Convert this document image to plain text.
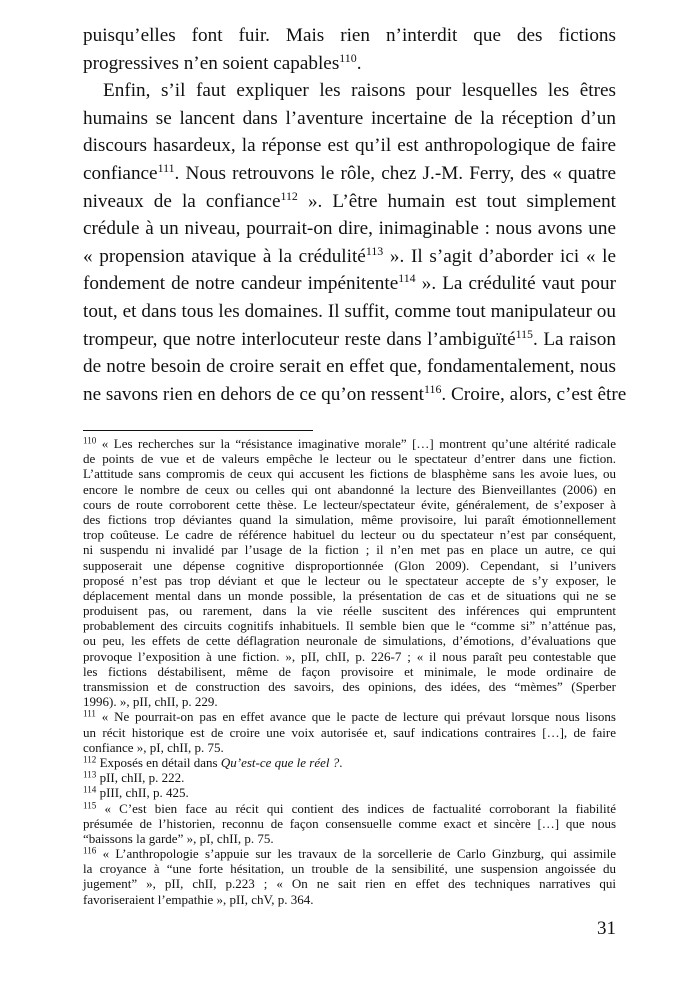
puisqu’elles font fuir. Mais rien n’interdit que des fictions
progressives n’en soient capables$^{110}$.
Enfin, s’il faut expliquer les raisons pour lesquelles les êtres
humains se lancent dans l’aventure incertaine de la réception d’un
discours hasardeux, la réponse est qu’il est anthropologique de faire
confiance$^{111}$. Nous retrouvons le rôle, chez J.-M. Ferry, des « quatre
niveaux de la confiance$^{112}$ ». L’être humain est tout simplement
crédule à un niveau, pourrait-on dire, inimaginable : nous avons une
« propension atavique à la crédulité$^{113}$ ». Il s’agit d’aborder ici « le
fondement de notre candeur impénitente$^{114}$ ». La crédulité vaut pour
tout, et dans tous les domaines. Il suffit, comme tout manipulateur ou
trompeur, que notre interlocuteur reste dans l’ambiguïté$^{115}$. La raison
de notre besoin de croire serait en effet que, fondamentalement, nous
ne savons rien en dehors de ce qu’on ressent$^{116}$. Croire, alors, c’est être
$^{110}$ « Les recherches sur la “résistance imaginative morale” […] montrent qu’une altérité radicale
de points de vue et de valeurs empêche le lecteur ou le spectateur d’entrer dans une fiction.
L’attitude sans compromis de ceux qui accusent les fictions de blasphème sans les avoie lues, ou
encore le nombre de ceux ou celles qui ont abandonné la lecture des Bienveillantes (2006) en
cours de route corroborent cette thèse. Le lecteur/spectateur évite, généralement, de s’exposer à
des fictions trop déviantes quand la simulation, même provisoire, lui paraît émotionnellement
trop coûteuse. Le cadre de référence habituel du lecteur ou du spectateur n’est par conséquent,
ni suspendu ni invalidé par l’usage de la fiction ; il n’en met pas en place un autre, ce qui
supposerait une dépense cognitive disproportionnée (Glon 2009). Cependant, si l’univers
proposé n’est pas trop déviant et que le lecteur ou le spectateur accepte de s’y exposer, le
déplacement mental dans un monde possible, la présentation de cas et de situations qui ne se
produisent pas, ou rarement, dans la vie réelle suscitent des inférences qui empruntent
probablement des circuits cognitifs inhabituels. Il semble bien que le “comme si” n’atténue pas,
ou peu, les effets de cette déflagration neuronale de simulations, d’émotions, d’évaluations que
provoque l’exposition à une fiction. », pII, chII, p. 226-7 ; « il nous paraît peu contestable que
les fictions déstabilisent, même de façon provisoire et minimale, le mode ordinaire de
transmission et de construction des savoirs, des opinions, des idées, des “mèmes” (Sperber
1996). », pII, chII, p. 229.
$^{111}$ « Ne pourrait-on pas en effet avance que le pacte de lecture qui prévaut lorsque nous lisons
un récit historique est de croire une voix autorisée et, sauf indications contraires […], de faire
confiance », pI, chII, p. 75.
$^{112}$ Exposés en détail dans Qu’est-ce que le réel ?.
$^{113}$ pII, chII, p. 222.
$^{114}$ pIII, chII, p. 425.
$^{115}$ « C’est bien face au récit qui contient des indices de factualité corroborant la fiabilité
présumée de l’historien, reconnu de façon consensuelle comme exact et sincère […] que nous
“baissons la garde” », pI, chII, p. 75.
$^{116}$ « L’anthropologie s’appuie sur les travaux de la sorcellerie de Carlo Ginzburg, qui assimile
la croyance à “une forte hésitation, un trouble de la sensibilité, une suspension angoissée du
jugement” », pII, chII, p.223 ; « On ne sait rien en effet des techniques narratives qui
favoriseraient l’empathie », pII, chV, p. 364.
31
